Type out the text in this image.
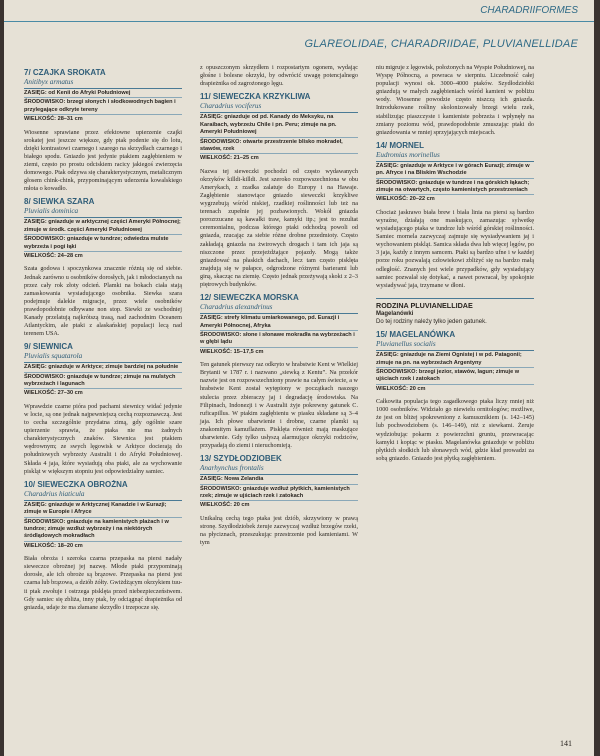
CHARADRIIFORMES
GLAREOLIDAE, CHARADRIIDAE, PLUVIANELLIDAE
7/ CZAJKA SROKATA
Anitibyx armatus
ZASIĘG: od Kenii do Afryki Południowej
ŚRODOWISKO: brzegi słonych i słodkowodnych bagien i przylegające odkryte tereny
WIELKOŚĆ: 28–31 cm
Wiosenne sprawiane przez efektowne upierzenie czajki srokatej jest jeszcze większe, gdy ptak podenie się do lotu, dzięki kontrastowi czarnego i szarego na skrzydłach czarnego i białego spodu. Gniazdo jest jedynie ptakiem zagłębieniem w ziemi, często po prostu odciskiem racicy jakiegoś zwierzęcia domowego. Ptak odzywa się charakterystycznym, metalicznym głosem chink-chink, przypominającym uderzenia kowalskiego młota o kowadło.
8/ SIEWKA SZARA
Pluvialis dominica
ZASIĘG: gniazduje w arktycznej części Ameryki Północnej; zimuje w środk. części Ameryki Południowej
ŚRODOWISKO: gniazduje w tundrze; odwiedza mulste wybrzeża i pogi łąki
WIELKOŚĆ: 24–28 cm
Szata godowa i spoczynkowa znacznie różnią się od siebie. Jednak zarówno u osobników dorosłych, jak i młodocianych na przez cały rok złoty odcień. Plamki na bokach ciała stają zamaskowania wysiadującego osobnika. Siewka szara podejmuje dalekie migracje, przez wiele osobników prawdopodobnie odbywane non stop. Siewki ze wschodniej Kanady przelatują najkrótszą trasą, nad zachodnim Oceanem Atlantyckim, ale ptaki z alaskańskiej populacji lecą nad terenem USA.
9/ SIEWNICA
Pluvialis squatarola
ZASIĘG: gniazduje w Arktyce; zimuje bardziej na południe
ŚRODOWISKO: gniazduje w tundrze; zimuje na mulstych wybrzeżach i lagunach
WIELKOŚĆ: 27–30 cm
Wprawdzie czarne pióra pod pachami siewnicy widać jedynie w locie, są one jednak najpewniejszą cechą rozpoznawczą. Jest to cecha szczególnie przydatna zimą, gdy ogólnie szare upierzenie sprawia, że ptaka nie ma żadnych charakterystycznych znaków. Siewnica jest ptakiem wędrownym; ze swych lęgowisk w Arktyce docierają do południowych wybrzeży Australii i do Afryki Południowej. Składa 4 jaja, które wysiadują oba ptaki, ale za wychowanie piskląt w większym stopniu jest odpowiedzialny samiec.
10/ SIEWECZKA OBROŻNA
Charadrius hiaticula
ZASIĘG: gniazduje w Arktycznej Kanadzie i w Eurazji; zimuje w Europie i Afryce
ŚRODOWISKO: gniazduje na kamienistych plażach i w tundrze; zimuje wzdłuż wybrzeży i na niektórych śródlądowych mokradłach
WIELKOŚĆ: 18–20 cm
Biała obroża i szeroka czarna przepaska na piersi nadały sieweczce obrożnej jej nazwę. Młode ptaki przypominają dorosłe, ale ich obroże są brązowe. Przepaska na piersi jest czarna lub brązowa, a dziób żółty. Gwiżdżącym okrzykiem tuu-ii ptak zwołuje i ostrzega pisklęta przed niebezpieczeństwem. Gdy samiec się zbliża, inny ptak, by odciągnąć drapieżnika od gniazda, udaje że ma złamane skrzydło i trzepocze się.
z opuszczonym skrzydłem i rozpostartym ogonem, wydając głośne i bolesne okrzyki, by odwrócić uwagę potencjalnego drapieżnika od zagrożonego lęgu.
11/ SIEWECZKA KRZYKLIWA
Charadrius vociferus
ZASIĘG: gniazduje od pd. Kanady do Meksyku, na Karaibach, wybrzeżu Chile i pn. Peru; zimuje na pn. Ameryki Południowej
ŚRODOWISKO: otwarte przestrzenie blisko mokradeł, stawów, rzek
WIELKOŚĆ: 21–25 cm
Nazwa tej sieweczki pochodzi od często wydawanych okrzyków killdi-killdi. Jest szeroko rozpowszechniona w obu Amerykach, z rzadka zalatuje do Europy i na Hawaje. Zagłębienie stanowiące gniazdo sieweczki krzykliwe wygrzebują wśród niskiej, rzadkiej roślinności lub też na terenach zupełnie jej pozbawionych. Wokół gniazda porozrzucane są kawałki traw, kamyki itp.; jest to rezultat ceremonialnu, podczas którego ptaki odchodzą powoli od gniazda, rzucając za siebie różne drobne przedmioty. Często zakładają gniazda na żwirowych drogach i tam ich jaja są niszczone przez przejeżdżające pojazdy. Mogą także gniazdować na płaskich dachach, lecz tam często pisklęta znajdują się w pułapce, odgrodzone różnymi barierami lub giną, skacząc na ziemię. Często jednak przeżywają skoki z 2–3 piętrowych budynków.
12/ SIEWECZKA MORSKA
Charadrius alexandrinus
ZASIĘG: strefy klimatu umiarkowanego, pd. Eurazji i Ameryki Północnej, Afryka
ŚRODOWISKO: słone i słonawe mokradła na wybrzeżach i w głębi lądu
WIELKOŚĆ: 15–17,5 cm
Ten gatunek pierwszy raz odkryto w hrabstwie Kent w Wielkiej Brytanii w 1787 r. i nazwano „siewką z Kentu”. Na przekór nazwie jest on rozpowszechniony prawie na całym świecie, a w hrabstwie Kent został wytępiony w początkach naszego stulecia przez zbieraczy jaj i degradację środowiska. Na Filipinach, Indonezji i w Australii żyje pokrewny gatunek C. ruficapillus. W ptakim zagłębieniu w piasku składane są 3–4 jaja. Ich płowe ubarwienie i drobne, czarne plamki są znakomitym kamuflażem. Pisklęta również mają maskujące ubarwienie. Gdy tylko usłyszą alarmujące okrzyki rodziców, przypadają do ziemi i nieruchomieją.
13/ SZYDŁODZIOBEK
Anarhynchus frontalis
ZASIĘG: Nowa Zelandia
ŚRODOWISKO: gniazduje wzdłuż płytkich, kamienistych rzek; zimuje w ujściach rzek i zatokach
WIELKOŚĆ: 20 cm
Unikalną cechą tego ptaka jest dziób, skrzywiony w prawą stronę. Szydłodziobek żeruje zazwyczaj wzdłuż brzegów rzeki, na płyciznach, przeszukując przestrzenie pod kamieniami. W tym
niu migruje z lęgowisk, położonych na Wyspie Południowej, na Wyspę Północną, a powraca w sierpniu. Liczebność całej populacji wynosi ok. 3000–4000 ptaków. Szydłodziobki gniazdują w małych zagłębieniach wśród kamieni w pobliżu wody. Wiosenne powodzie często niszczą ich gniazda. Introdukowane rośliny skolonizowały brzegi wielu rzek, stabilizując piaszczyste i kamieniste pobrzeża i wpłynęły na zmiany poziomu wód, prawdopodobnie zmuszając ptaki do gniazdowania w mniej sprzyjających miejscach.
14/ MORNEL
Eudromias morinellus
ZASIĘG: gniazduje w Arktyce i w górach Eurazji; zimuje w pn. Afryce i na Bliskim Wschodzie
ŚRODOWISKO: gniazduje w tundrze i na górskich łąkach; zimuje na otwartych, często kamienistych przestrzeniach
WIELKOŚĆ: 20–22 cm
Chociaż jaskrawo biała brew i biała linia na piersi są bardzo wyraźne, działają one maskująco, zamazując sylwetkę wysiadującego ptaka w tundrze lub wśród górskiej roślinności. Samiec mornela zazwyczaj zajmuje się wysiadywaniem jaj i wychowaniem piskląt. Samica składa dwa lub więcej lęgów, po 3 jaja, każdy z innym samcem. Ptaki są bardzo ufne i w każdej porze roku pozwalają człowiekowi zbliżyć się na bardzo małą odległość. Znanych jest wiele przypadków, gdy wysiadujący samiec pozwalał się dotykać, a nawet powracał, by spokojnie wysiadywać jaja, trzymane w dłoni.
RODZINA PLUVIANELLIDAE
Magelanówki
Do tej rodziny należy tylko jeden gatunek.
15/ MAGELANÓWKA
Pluvianellus socialis
ZASIĘG: gniazduje na Ziemi Ognistej i w pd. Patagonii; zimuje na pn. na wybrzeżach Argentyny
ŚRODOWISKO: brzegi jezior, stawów, lagun; zimuje w ujściach rzek i zatokach
WIELKOŚĆ: 20 cm
Całkowita populacja tego zagadkowego ptaka liczy mniej niż 1000 osobników. Widziało go niewielu ornitologów; możliwe, że jest on bliżej spokrewniony z kamusznikiem (s. 142–145) lub pochwodziobem (s. 146–149), niż z siewkami. Żeruje wydziobując pokarm z powierzchni gruntu, przewracając kamyki i kopiąc w piasku. Magelanówka gniazduje w pobliżu płytkich słodkich lub słonawych wód, gdzie kład prowadzi za sobą gniazdo. Gniazdo jest płytką zagłębieniem.
141
